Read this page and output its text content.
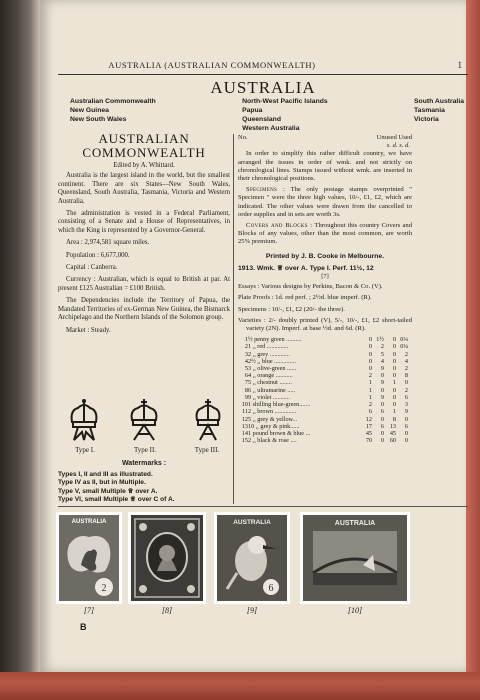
AUSTRALIA (AUSTRALIAN COMMONWEALTH)	1
AUSTRALIA
Australian Commonwealth
New Guinea
New South Wales
North-West Pacific Islands
Papua
Queensland
Western Australia
South Australia
Tasmania
Victoria
AUSTRALIAN
COMMONWEALTH
Edited by A. Whittard.

Australia is the largest island in the world, but the smallest continent. There are six States—New South Wales, Queensland, South Australia, Tasmania, Victoria and Western Australia.

The administration is vested in a Federal Parliament, consisting of a Senate and a House of Representatives, in which the King is represented by a Governor-General.

Area : 2,974,581 square miles.

Population : 6,677,000.

Capital : Canberra.

Currency : Australian, which is equal to British at par. At present £125 Australian = £100 British.

The Dependencies include the Territory of Papua, the Mandated Territories of ex-German New Guinea, the Bismarck Archipelago and the Northern Islands of the Solomon group.

Market : Steady.

Type I.	Type II.	Type III.
Watermarks :
Types I, II and III as illustrated.
Type IV as II, but in Multiple.
Type V, small Multiple ♕ over A.
Type VI, small Multiple ♕ over C of A.
No.	Unused Used
s. d. s. d.

In order to simplify this rather difficult country, we have arranged the issues in order of wmk. and not strictly on chronological lines. Stamps issued without wmk. are inserted in their chronological positions.

Specimens : The only postage stamps overprinted " Specimen " were the three high values, 10/-, £1, £2, which are indicated. The other values were drawn from the cancelled to order supplies and in sets are worth 3s.

Covers and Blocks : Throughout this country Covers and Blocks of any values, other than the most common, are worth 25% premium.

Printed by J. B. Cooke in Melbourne.
1913. Wmk. ♕ over A. Type I. Perf. 11½, 12
[7]

Essays : Various designs by Perkins, Bacon & Co. (V).

Plate Proofs : 1d. red perf. ; 2½d. blue imperf. (R).

Specimens : 10/-, £1, £2 (20/- the three).

Varieties : 2/- doubly printed (V), 5/-, 10/-, £1, £2 short-tailed variety (2N). Imperf. at base ½d. and 6d. (R).

1	½ penny green ..........	0	1½	0	0¼
2	1 ,, red ..............	0	2	0	0¼
3	2 ,, grey .............	0	5	0	2
4	2½ ,, blue ..............	0	4	0	4
5	3 ,, olive-green ......	0	9	0	2
6	4 ,, orange ...........	2	0	0	8
7	5 ,, chestnut ........	1	9	1	0
8	6 ,, ultramarine .....	1	0	0	2
9	9 ,, violet ...........	1	9	0	6
10	1 shilling blue-green.......	2	0	0	3
11	2 ,, brown ..............	6	6	1	9
12	5 ,, grey & yellow...	12	0	8	0
13	10 ,, grey & pink......	17	6	13	6
14	1 pound brown & blue ...	45	0	45	0
15	2 ,, black & rose ....	70	0	60	0
AUSTRALIA
2
AUSTRALIA
6
AUSTRALIA
[7]	[8]	[9]	[10]
B
